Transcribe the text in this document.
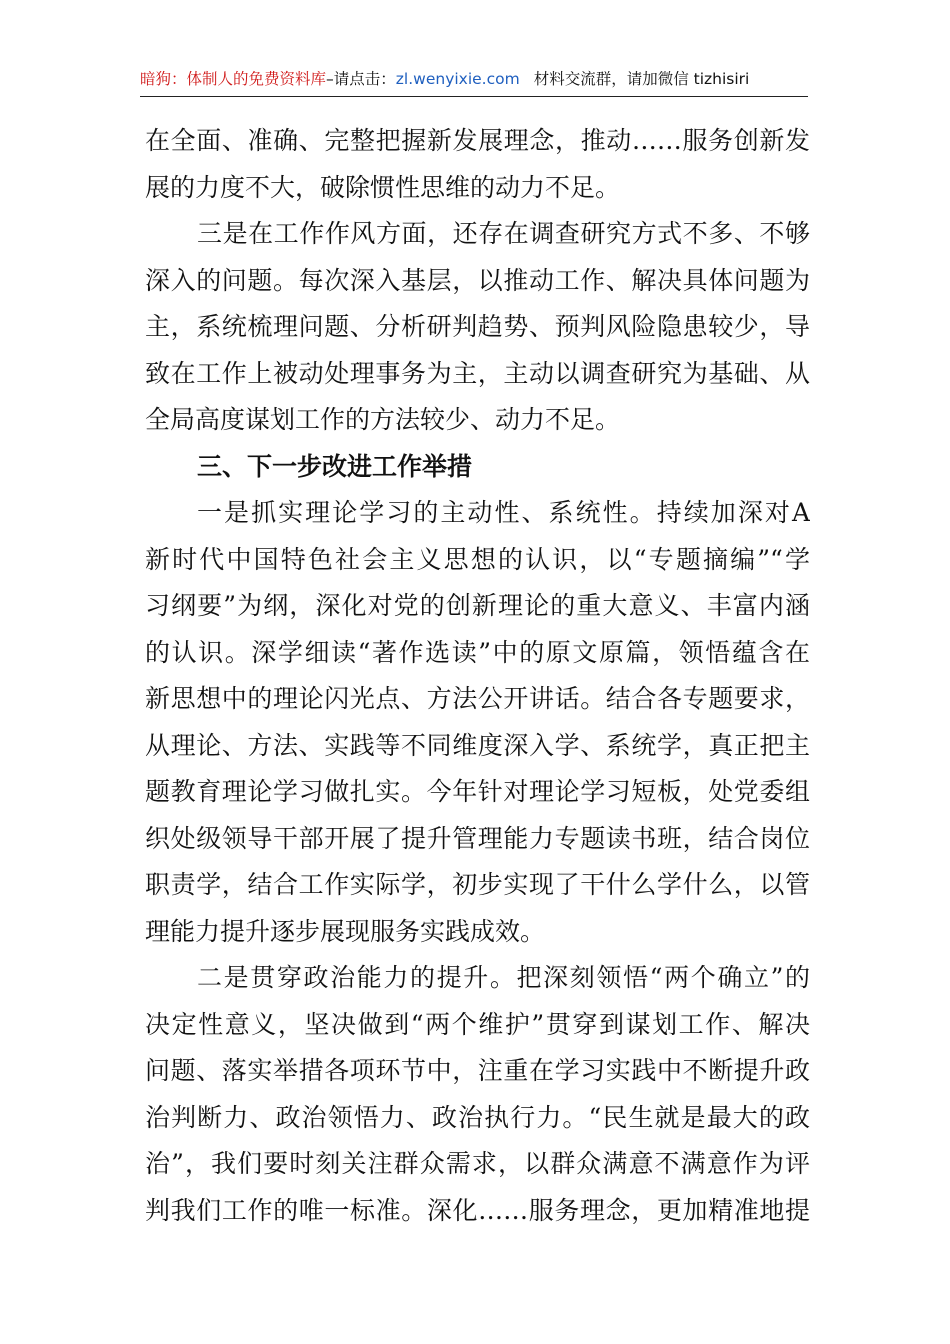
暗狗：体制人的免费资料库–请点击：zl.wenyixie.com 材料交流群，请加微信 tizhisiri
在全面、准确、完整把握新发展理念，推动……服务创新发
展的力度不大，破除惯性思维的动力不足。
三是在工作作风方面，还存在调查研究方式不多、不够
深入的问题。每次深入基层，以推动工作、解决具体问题为
主，系统梳理问题、分析研判趋势、预判风险隐患较少，导
致在工作上被动处理事务为主，主动以调查研究为基础、从
全局高度谋划工作的方法较少、动力不足。
三、下一步改进工作举措
一是抓实理论学习的主动性、系统性。持续加深对A
新时代中国特色社会主义思想的认识，以“专题摘编”“学
习纲要”为纲，深化对党的创新理论的重大意义、丰富内涵
的认识。深学细读“著作选读”中的原文原篇，领悟蕴含在
新思想中的理论闪光点、方法公开讲话。结合各专题要求，
从理论、方法、实践等不同维度深入学、系统学，真正把主
题教育理论学习做扎实。今年针对理论学习短板，处党委组
织处级领导干部开展了提升管理能力专题读书班，结合岗位
职责学，结合工作实际学，初步实现了干什么学什么，以管
理能力提升逐步展现服务实践成效。
二是贯穿政治能力的提升。把深刻领悟“两个确立”的
决定性意义，坚决做到“两个维护”贯穿到谋划工作、解决
问题、落实举措各项环节中，注重在学习实践中不断提升政
治判断力、政治领悟力、政治执行力。“民生就是最大的政
治”，我们要时刻关注群众需求，以群众满意不满意作为评
判我们工作的唯一标准。深化……服务理念，更加精准地提
